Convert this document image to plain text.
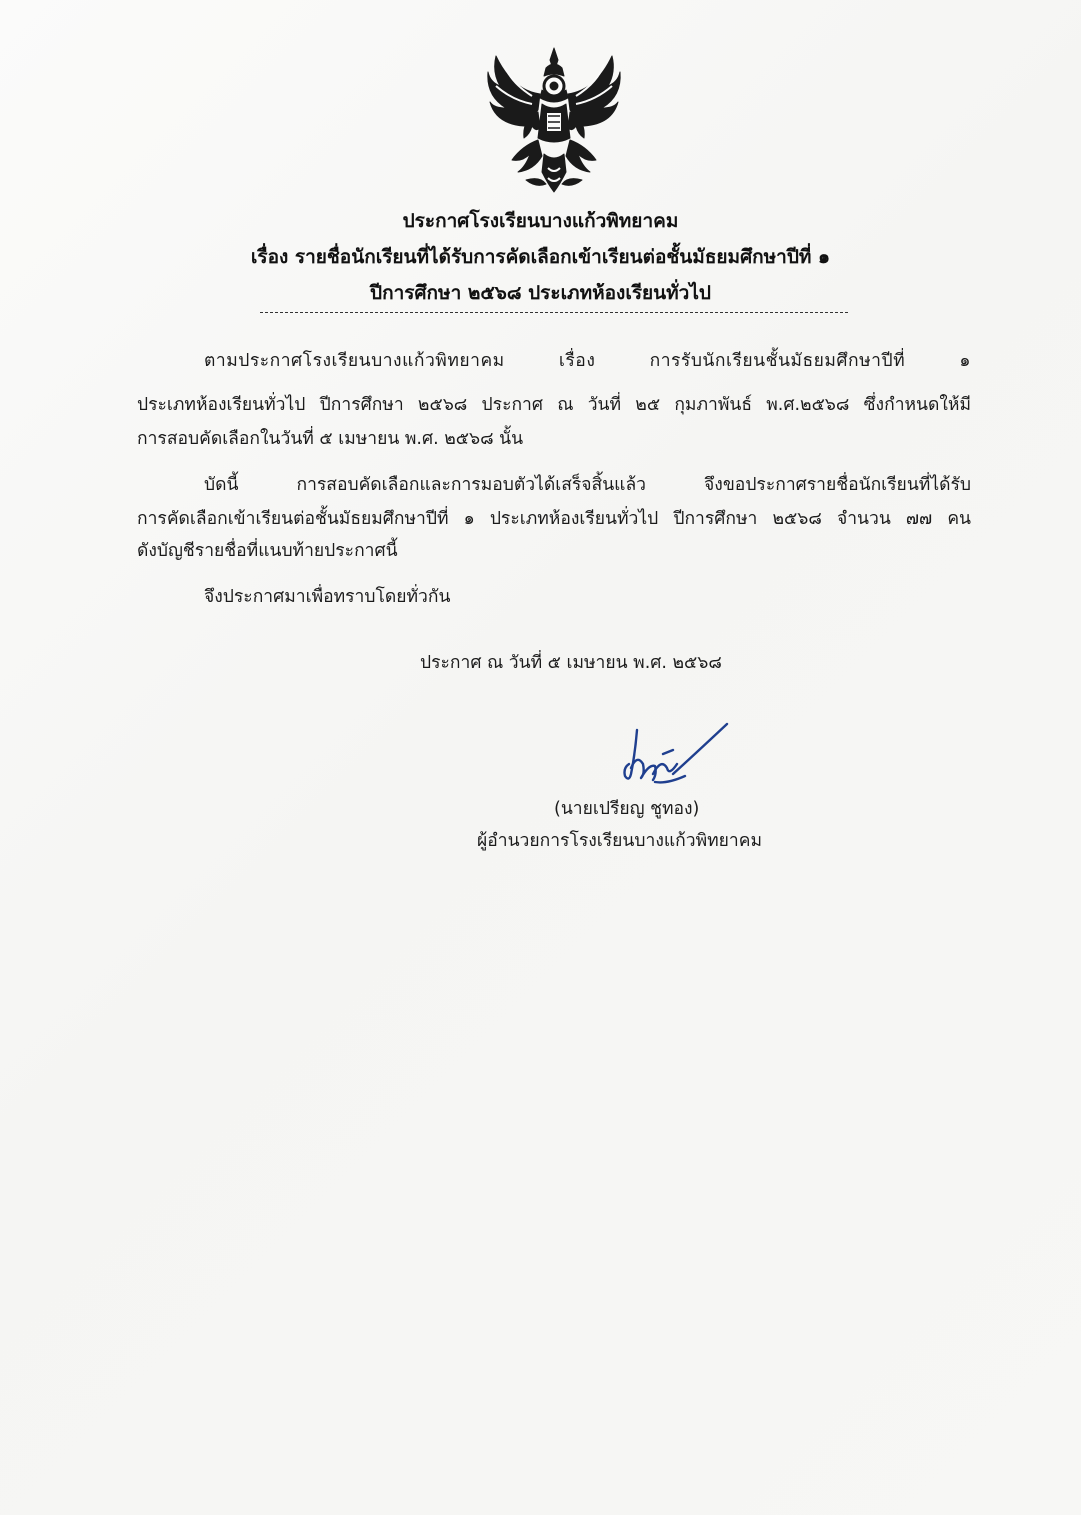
ประกาศโรงเรียนบางแก้วพิทยาคม
เรื่อง รายชื่อนักเรียนที่ได้รับการคัดเลือกเข้าเรียนต่อชั้นมัธยมศึกษาปีที่ ๑
ปีการศึกษา ๒๕๖๘ ประเภทห้องเรียนทั่วไป
ตามประกาศโรงเรียนบางแก้วพิทยาคม เรื่อง การรับนักเรียนชั้นมัธยมศึกษาปีที่ ๑
ประเภทห้องเรียนทั่วไป ปีการศึกษา ๒๕๖๘ ประกาศ ณ วันที่ ๒๕ กุมภาพันธ์ พ.ศ.๒๕๖๘ ซึ่งกำหนดให้มี
การสอบคัดเลือกในวันที่ ๕ เมษายน พ.ศ. ๒๕๖๘ นั้น
บัดนี้ การสอบคัดเลือกและการมอบตัวได้เสร็จสิ้นแล้ว จึงขอประกาศรายชื่อนักเรียนที่ได้รับ
การคัดเลือกเข้าเรียนต่อชั้นมัธยมศึกษาปีที่ ๑ ประเภทห้องเรียนทั่วไป ปีการศึกษา ๒๕๖๘ จำนวน ๗๗ คน
ดังบัญชีรายชื่อที่แนบท้ายประกาศนี้
จึงประกาศมาเพื่อทราบโดยทั่วกัน
ประกาศ ณ วันที่ ๕ เมษายน พ.ศ. ๒๕๖๘
(นายเปรียญ ชูทอง)
ผู้อำนวยการโรงเรียนบางแก้วพิทยาคม
